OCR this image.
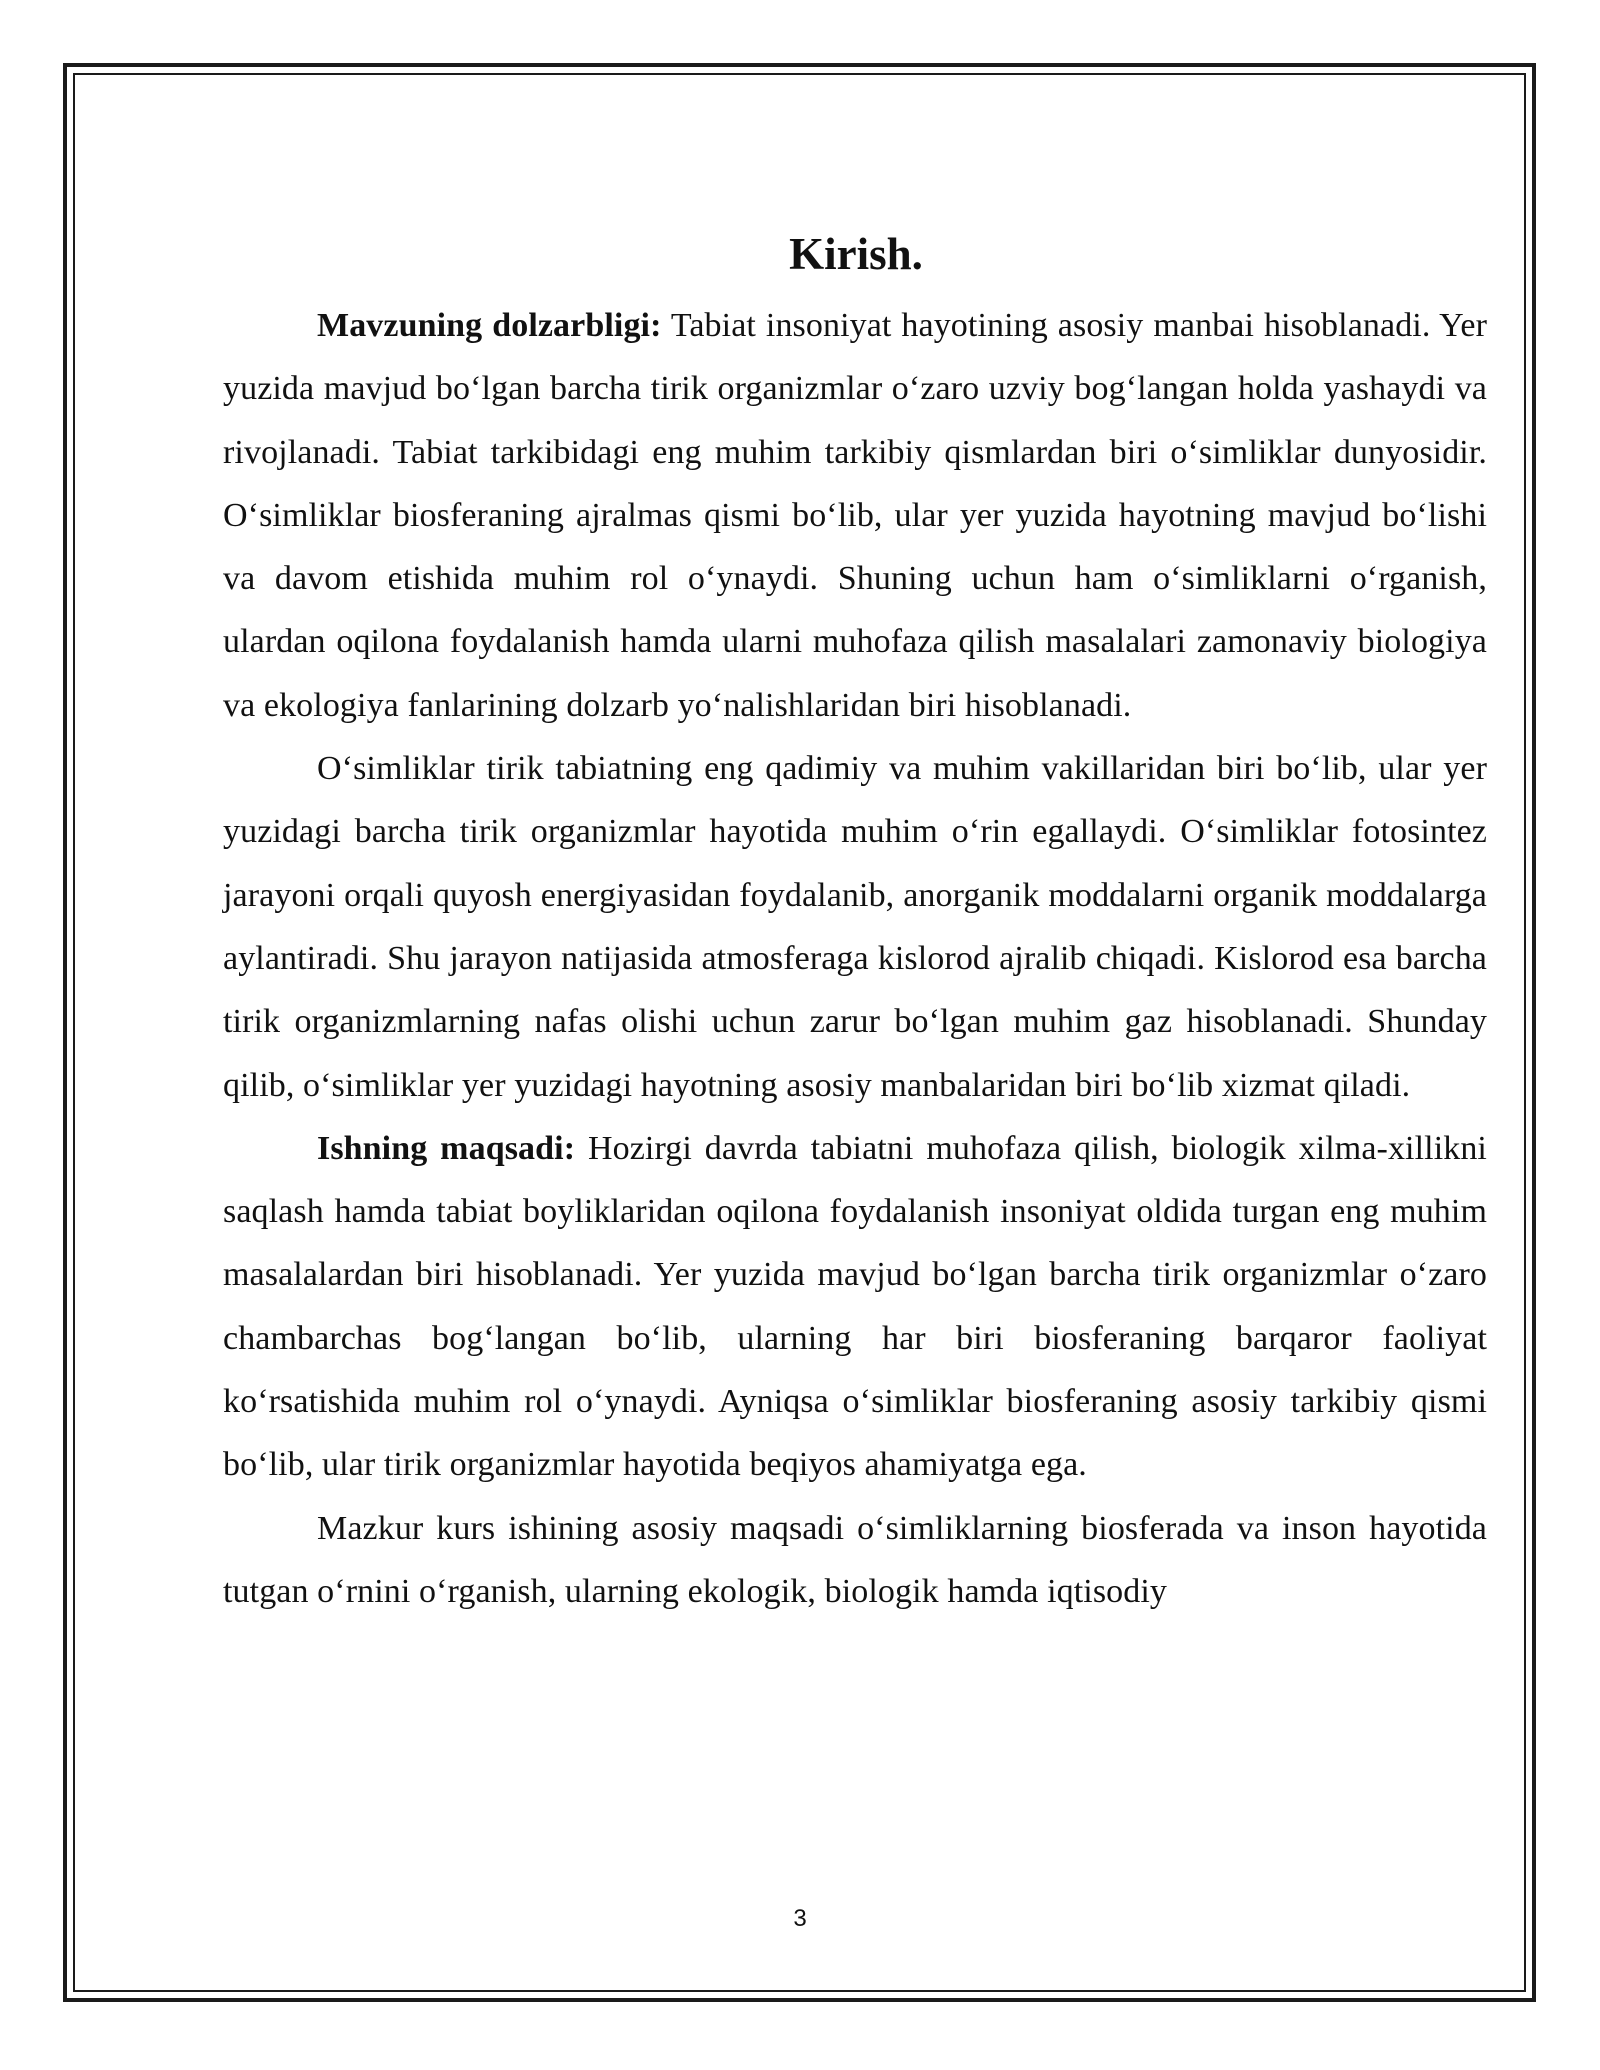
Kirish.

Mavzuning dolzarbligi: Tabiat insoniyat hayotining asosiy manbai hisoblanadi. Yer yuzida mavjud bo‘lgan barcha tirik organizmlar o‘zaro uzviy bog‘langan holda yashaydi va rivojlanadi. Tabiat tarkibidagi eng muhim tarkibiy qismlardan biri o‘simliklar dunyosidir. O‘simliklar biosferaning ajralmas qismi bo‘lib, ular yer yuzida hayotning mavjud bo‘lishi va davom etishida muhim rol o‘ynaydi. Shuning uchun ham o‘simliklarni o‘rganish, ulardan oqilona foydalanish hamda ularni muhofaza qilish masalalari zamonaviy biologiya va ekologiya fanlarining dolzarb yo‘nalishlaridan biri hisoblanadi.

O‘simliklar tirik tabiatning eng qadimiy va muhim vakillaridan biri bo‘lib, ular yer yuzidagi barcha tirik organizmlar hayotida muhim o‘rin egallaydi. O‘simliklar fotosintez jarayoni orqali quyosh energiyasidan foydalanib, anorganik moddalarni organik moddalarga aylantiradi. Shu jarayon natijasida atmosferaga kislorod ajralib chiqadi. Kislorod esa barcha tirik organizmlarning nafas olishi uchun zarur bo‘lgan muhim gaz hisoblanadi. Shunday qilib, o‘simliklar yer yuzidagi hayotning asosiy manbalaridan biri bo‘lib xizmat qiladi.

Ishning maqsadi: Hozirgi davrda tabiatni muhofaza qilish, biologik xilma-xillikni saqlash hamda tabiat boyliklaridan oqilona foydalanish insoniyat oldida turgan eng muhim masalalardan biri hisoblanadi. Yer yuzida mavjud bo‘lgan barcha tirik organizmlar o‘zaro chambarchas bog‘langan bo‘lib, ularning har biri biosferaning barqaror faoliyat ko‘rsatishida muhim rol o‘ynaydi. Ayniqsa o‘simliklar biosferaning asosiy tarkibiy qismi bo‘lib, ular tirik organizmlar hayotida beqiyos ahamiyatga ega.

Mazkur kurs ishining asosiy maqsadi o‘simliklarning biosferada va inson hayotida tutgan o‘rnini o‘rganish, ularning ekologik, biologik hamda iqtisodiy

3
